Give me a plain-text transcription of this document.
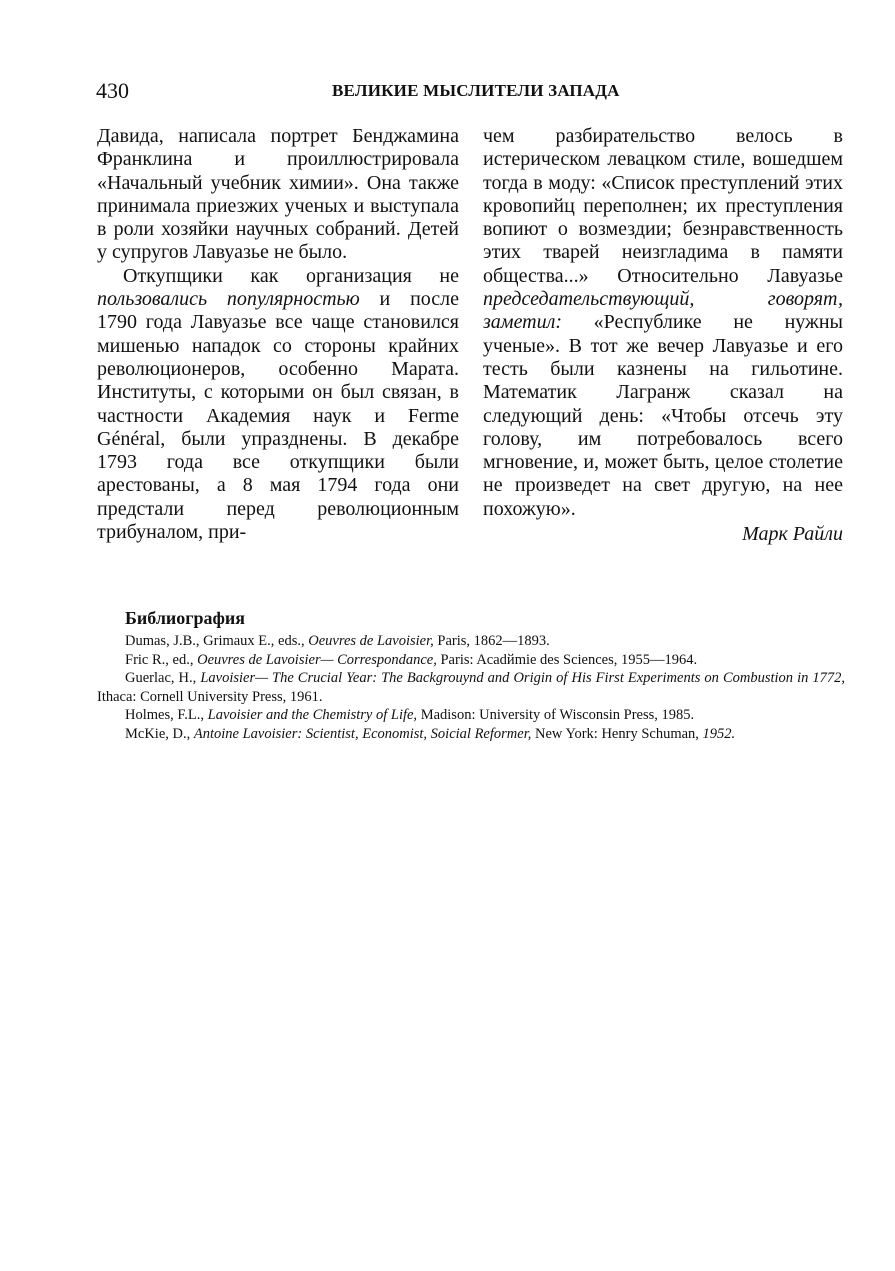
430	ВЕЛИКИЕ МЫСЛИТЕЛИ ЗАПАДА

Давида, написала портрет Бенджамина Франклина и проиллюстрировала «Начальный учебник химии». Она также принимала приезжих ученых и выступала в роли хозяйки научных собраний. Детей у супругов Лавуазье не было.

Откупщики как организация не пользовались популярностью и после 1790 года Лавуазье все чаще становился мишенью нападок со стороны крайних революционеров, особенно Марата. Институты, с которыми он был связан, в частности Академия наук и Ferme Général, были упразднены. В декабре 1793 года все откупщики были арестованы, а 8 мая 1794 года они предстали перед революционным трибуналом, при-

чем разбирательство велось в истерическом левацком стиле, вошедшем тогда в моду: «Список преступлений этих кровопийц переполнен; их преступления вопиют о возмездии; безнравственность этих тварей неизгладима в памяти общества...» Относительно Лавуазье председательствующий, говорят, заметил: «Республике не нужны ученые». В тот же вечер Лавуазье и его тесть были казнены на гильотине. Математик Лагранж сказал на следующий день: «Чтобы отсечь эту голову, им потребовалось всего мгновение, и, может быть, целое столетие не произведет на свет другую, на нее похожую».

Марк Райли
Библиография
Dumas, J.B., Grimaux E., eds., Oeuvres de Lavoisier, Paris, 1862—1893.
Fric R., ed., Oeuvres de Lavoisier— Correspondance, Paris: Acadйmie des Sciences, 1955—1964.
Guerlac, H., Lavoisier— The Crucial Year: The Backgrouynd and Origin of His First Experiments on Combustion in 1772, Ithaca: Cornell University Press, 1961.
Holmes, F.L., Lavoisier and the Chemistry of Life, Madison: University of Wisconsin Press, 1985.
McKie, D., Antoine Lavoisier: Scientist, Economist, Soicial Reformer, New York: Henry Schuman, 1952.
